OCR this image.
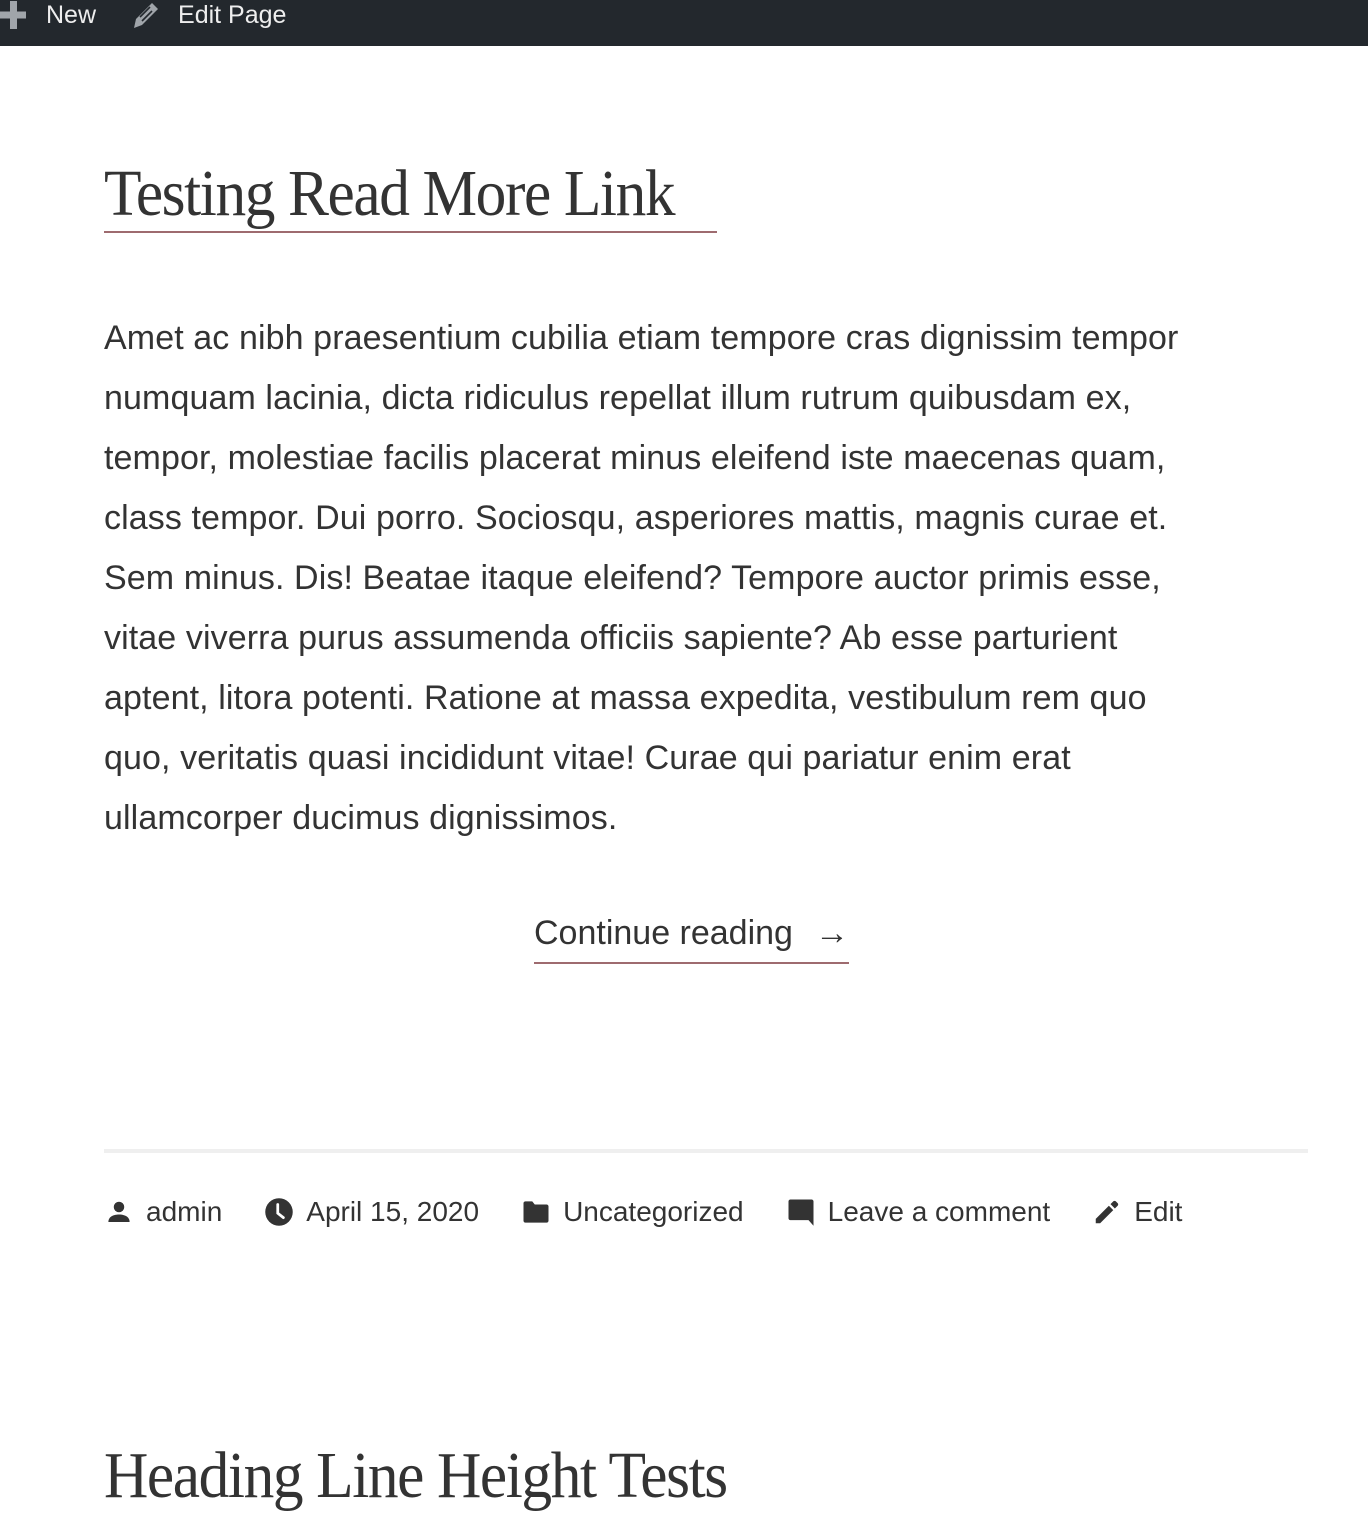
New	Edit Page
Testing Read More Link
Amet ac nibh praesentium cubilia etiam tempore cras dignissim tempor
numquam lacinia, dicta ridiculus repellat illum rutrum quibusdam ex,
tempor, molestiae facilis placerat minus eleifend iste maecenas quam,
class tempor. Dui porro. Sociosqu, asperiores mattis, magnis curae et.
Sem minus. Dis! Beatae itaque eleifend? Tempore auctor primis esse,
vitae viverra purus assumenda officiis sapiente? Ab esse parturient
aptent, litora potenti. Ratione at massa expedita, vestibulum rem quo
quo, veritatis quasi incididunt vitae! Curae qui pariatur enim erat
ullamcorper ducimus dignissimos.
Continue reading →
admin	April 15, 2020	Uncategorized	Leave a comment	Edit
Heading Line Height Tests
